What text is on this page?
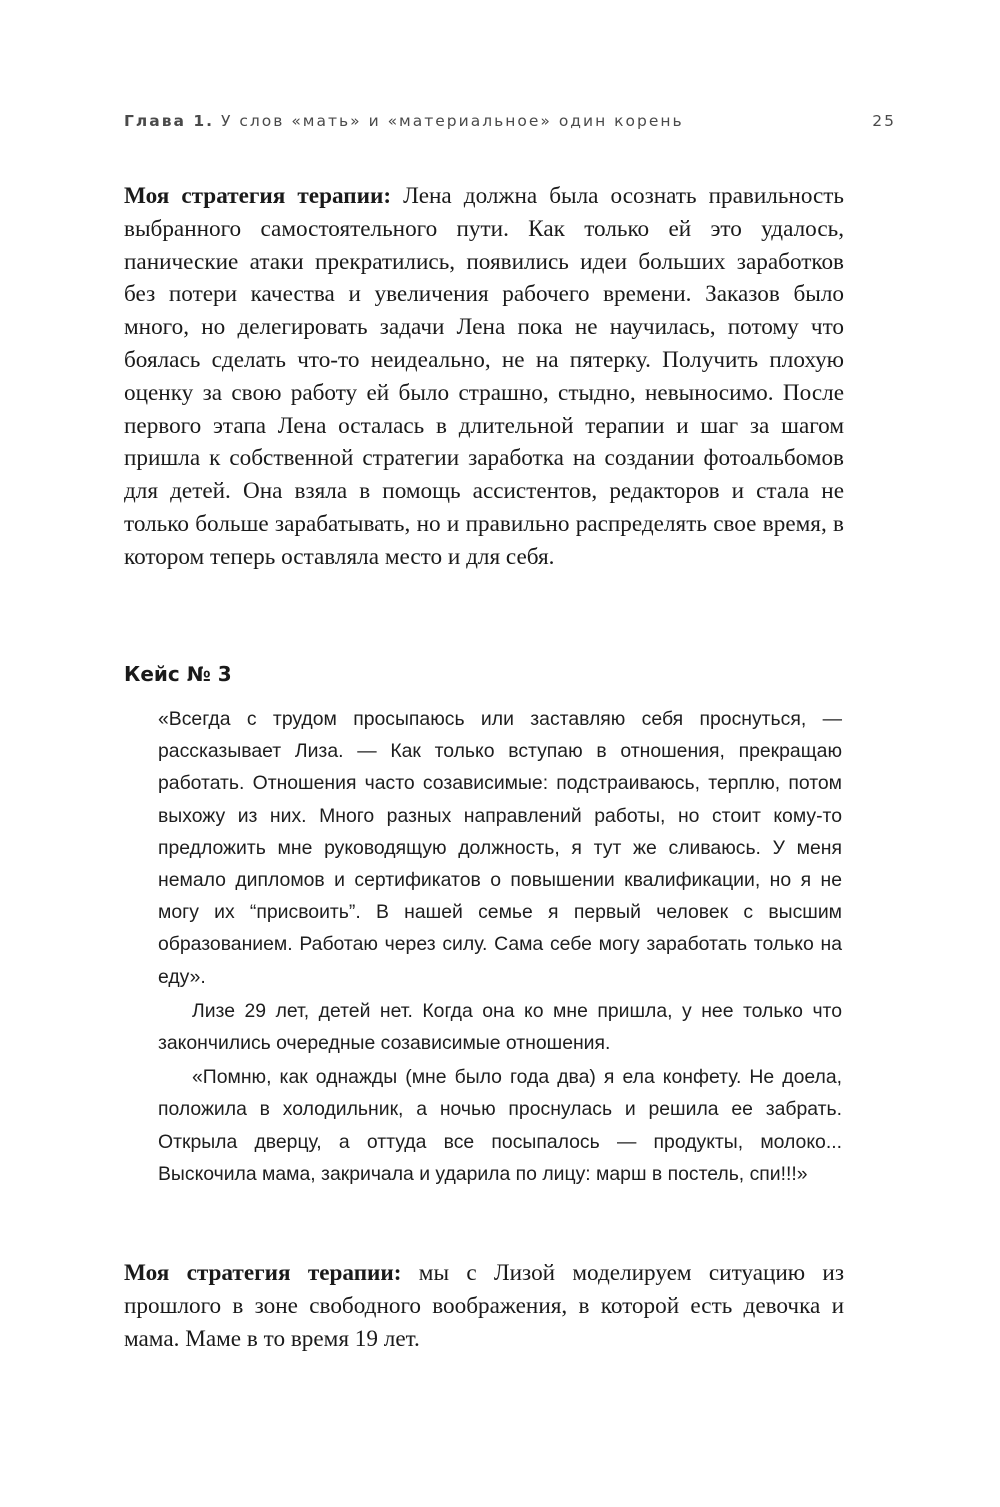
Глава 1. У слов «мать» и «материальное» один корень	25
Моя стратегия терапии: Лена должна была осознать правильность выбранного самостоятельного пути. Как только ей это удалось, панические атаки прекратились, появились идеи больших заработков без потери качества и увеличения рабочего времени. Заказов было много, но делегировать задачи Лена пока не научилась, потому что боялась сделать что-то неидеально, не на пятерку. Получить плохую оценку за свою работу ей было страшно, стыдно, невыносимо. После первого этапа Лена осталась в длительной терапии и шаг за шагом пришла к собственной стратегии заработка на создании фотоальбомов для детей. Она взяла в помощь ассистентов, редакторов и стала не только больше зарабатывать, но и правильно распределять свое время, в котором теперь оставляла место и для себя.
Кейс № 3

«Всегда с трудом просыпаюсь или заставляю себя проснуться, — рассказывает Лиза. — Как только вступаю в отношения, прекращаю работать. Отношения часто созависимые: подстраиваюсь, терплю, потом выхожу из них. Много разных направлений работы, но стоит кому-то предложить мне руководящую должность, я тут же сливаюсь. У меня немало дипломов и сертификатов о повышении квалификации, но я не могу их “присвоить”. В нашей семье я первый человек с высшим образованием. Работаю через силу. Сама себе могу заработать только на еду».

Лизе 29 лет, детей нет. Когда она ко мне пришла, у нее только что закончились очередные созависимые отношения.

«Помню, как однажды (мне было года два) я ела конфету. Не доела, положила в холодильник, а ночью проснулась и решила ее забрать. Открыла дверцу, а оттуда все посыпалось — продукты, молоко... Выскочила мама, закричала и ударила по лицу: марш в постель, спи!!!»

Моя стратегия терапии: мы с Лизой моделируем ситуацию из прошлого в зоне свободного воображения, в которой есть девочка и мама. Маме в то время 19 лет.
